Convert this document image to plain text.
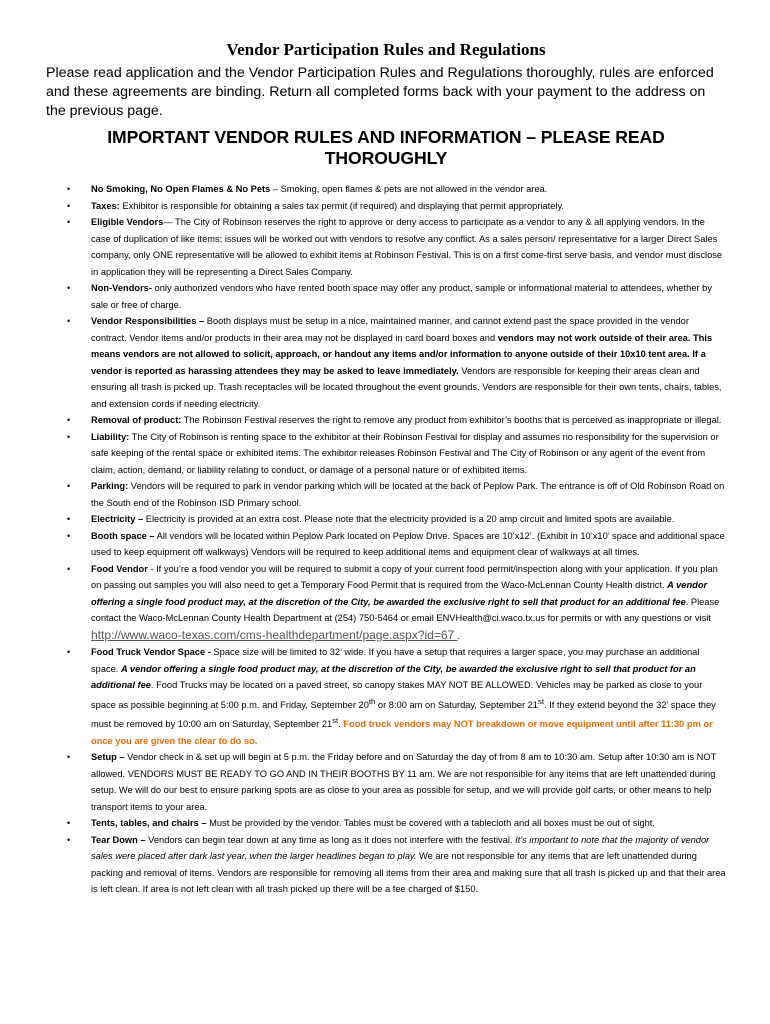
Vendor Participation Rules and Regulations
Please read application and the Vendor Participation Rules and Regulations thoroughly, rules are enforced and these agreements are binding. Return all completed forms back with your payment to the address on the previous page.
IMPORTANT VENDOR RULES AND INFORMATION – PLEASE READ THOROUGHLY
• No Smoking, No Open Flames & No Pets – Smoking, open flames & pets are not allowed in the vendor area.
• Taxes: Exhibitor is responsible for obtaining a sales tax permit (if required) and displaying that permit appropriately.
• Eligible Vendors— The City of Robinson reserves the right to approve or deny access to participate as a vendor to any & all applying vendors. In the case of duplication of like items; issues will be worked out with vendors to resolve any conflict. As a sales person/ representative for a larger Direct Sales company, only ONE representative will be allowed to exhibit items at Robinson Festival. This is on a first come-first serve basis, and vendor must disclose in application they will be representing a Direct Sales Company.
• Non-Vendors- only authorized vendors who have rented booth space may offer any product, sample or informational material to attendees, whether by sale or free of charge.
• Vendor Responsibilities – Booth displays must be setup in a nice, maintained manner, and cannot extend past the space provided in the vendor contract. Vendor items and/or products in their area may not be displayed in card board boxes and vendors may not work outside of their area. This means vendors are not allowed to solicit, approach, or handout any items and/or information to anyone outside of their 10x10 tent area. If a vendor is reported as harassing attendees they may be asked to leave immediately. Vendors are responsible for keeping their areas clean and ensuring all trash is picked up. Trash receptacles will be located throughout the event grounds. Vendors are responsible for their own tents, chairs, tables, and extension cords if needing electricity.
• Removal of product: The Robinson Festival reserves the right to remove any product from exhibitor’s booths that is perceived as inappropriate or illegal.
• Liability: The City of Robinson is renting space to the exhibitor at their Robinson Festival for display and assumes no responsibility for the supervision or safe keeping of the rental space or exhibited items. The exhibitor releases Robinson Festival and The City of Robinson or any agent of the event from claim, action, demand, or liability relating to conduct, or damage of a personal nature or of exhibited items.
• Parking: Vendors will be required to park in vendor parking which will be located at the back of Peplow Park. The entrance is off of Old Robinson Road on the South end of the Robinson ISD Primary school.
• Electricity – Electricity is provided at an extra cost. Please note that the electricity provided is a 20 amp circuit and limited spots are available.
• Booth space – All vendors will be located within Peplow Park located on Peplow Drive. Spaces are 10’x12’. (Exhibit in 10’x10’ space and additional space used to keep equipment off walkways) Vendors will be required to keep additional items and equipment clear of walkways at all times.
• Food Vendor - If you’re a food vendor you will be required to submit a copy of your current food permit/inspection along with your application. If you plan on passing out samples you will also need to get a Temporary Food Permit that is required from the Waco-McLennan County Health district. A vendor offering a single food product may, at the discretion of the City, be awarded the exclusive right to sell that product for an additional fee. Please contact the Waco-McLennan County Health Department at (254) 750-5464 or email ENVHealth@ci.waco.tx.us for permits or with any questions or visit http://www.waco-texas.com/cms-healthdepartment/page.aspx?id=67 .
• Food Truck Vendor Space - Space size will be limited to 32’ wide. If you have a setup that requires a larger space, you may purchase an additional space. A vendor offering a single food product may, at the discretion of the City, be awarded the exclusive right to sell that product for an additional fee. Food Trucks may be located on a paved street, so canopy stakes MAY NOT BE ALLOWED. Vehicles may be parked as close to your space as possible beginning at 5:00 p.m. and Friday, September 20th or 8:00 am on Saturday, September 21st. If they extend beyond the 32’ space they must be removed by 10:00 am on Saturday, September 21st. Food truck vendors may NOT breakdown or move equipment until after 11:30 pm or once you are given the clear to do so.
• Setup – Vendor check in & set up will begin at 5 p.m. the Friday before and on Saturday the day of from 8 am to 10:30 am. Setup after 10:30 am is NOT allowed. VENDORS MUST BE READY TO GO AND IN THEIR BOOTHS BY 11 am. We are not responsible for any items that are left unattended during setup. We will do our best to ensure parking spots are as close to your area as possible for setup, and we will provide golf carts, or other means to help transport items to your area.
• Tents, tables, and chairs – Must be provided by the vendor. Tables must be covered with a tablecloth and all boxes must be out of sight.
• Tear Down – Vendors can begin tear down at any time as long as it does not interfere with the festival. It’s important to note that the majority of vendor sales were placed after dark last year, when the larger headlines began to play. We are not responsible for any items that are left unattended during packing and removal of items. Vendors are responsible for removing all items from their area and making sure that all trash is picked up and that their area is left clean. If area is not left clean with all trash picked up there will be a fee charged of $150.
